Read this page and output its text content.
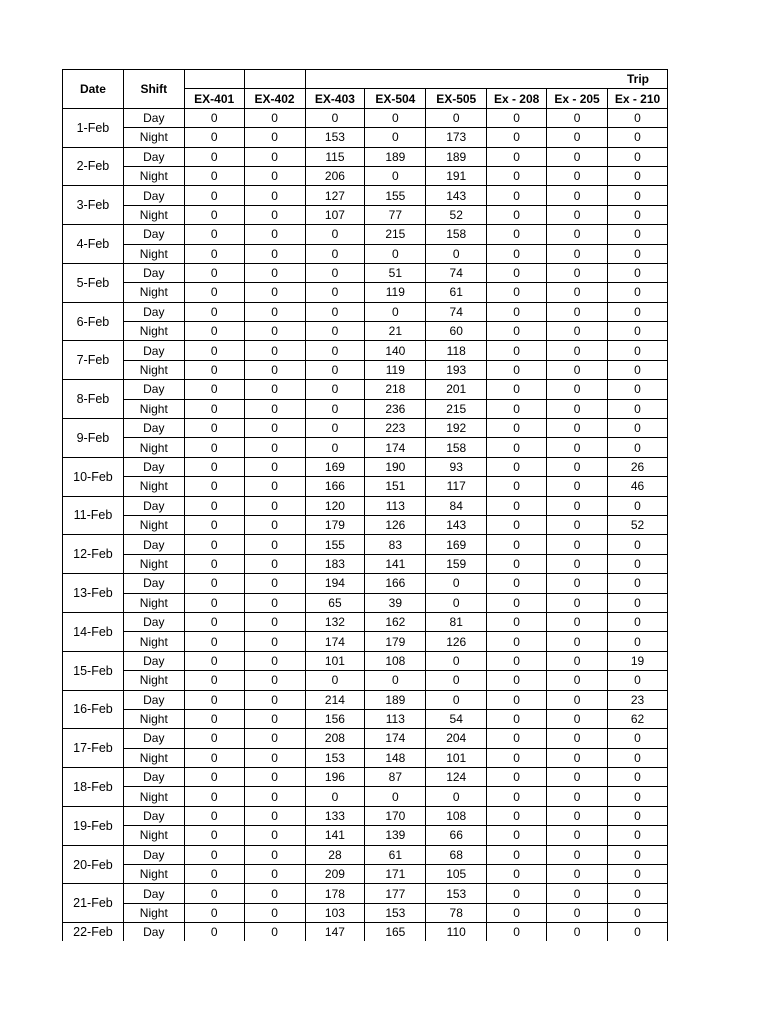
Date	Shift			Trip					
		EX-401	EX-402	EX-403	EX-504	EX-505	Ex - 208	Ex - 205	Ex - 210
1-Feb	Day	0	0	0	0	0	0	0	0
	Night	0	0	153	0	173	0	0	0
2-Feb	Day	0	0	115	189	189	0	0	0
	Night	0	0	206	0	191	0	0	0
3-Feb	Day	0	0	127	155	143	0	0	0
	Night	0	0	107	77	52	0	0	0
4-Feb	Day	0	0	0	215	158	0	0	0
	Night	0	0	0	0	0	0	0	0
5-Feb	Day	0	0	0	51	74	0	0	0
	Night	0	0	0	119	61	0	0	0
6-Feb	Day	0	0	0	0	74	0	0	0
	Night	0	0	0	21	60	0	0	0
7-Feb	Day	0	0	0	140	118	0	0	0
	Night	0	0	0	119	193	0	0	0
8-Feb	Day	0	0	0	218	201	0	0	0
	Night	0	0	0	236	215	0	0	0
9-Feb	Day	0	0	0	223	192	0	0	0
	Night	0	0	0	174	158	0	0	0
10-Feb	Day	0	0	169	190	93	0	0	26
	Night	0	0	166	151	117	0	0	46
11-Feb	Day	0	0	120	113	84	0	0	0
	Night	0	0	179	126	143	0	0	52
12-Feb	Day	0	0	155	83	169	0	0	0
	Night	0	0	183	141	159	0	0	0
13-Feb	Day	0	0	194	166	0	0	0	0
	Night	0	0	65	39	0	0	0	0
14-Feb	Day	0	0	132	162	81	0	0	0
	Night	0	0	174	179	126	0	0	0
15-Feb	Day	0	0	101	108	0	0	0	19
	Night	0	0	0	0	0	0	0	0
16-Feb	Day	0	0	214	189	0	0	0	23
	Night	0	0	156	113	54	0	0	62
17-Feb	Day	0	0	208	174	204	0	0	0
	Night	0	0	153	148	101	0	0	0
18-Feb	Day	0	0	196	87	124	0	0	0
	Night	0	0	0	0	0	0	0	0
19-Feb	Day	0	0	133	170	108	0	0	0
	Night	0	0	141	139	66	0	0	0
20-Feb	Day	0	0	28	61	68	0	0	0
	Night	0	0	209	171	105	0	0	0
21-Feb	Day	0	0	178	177	153	0	0	0
	Night	0	0	103	153	78	0	0	0
22-Feb	Day	0	0	147	165	110	0	0	0
